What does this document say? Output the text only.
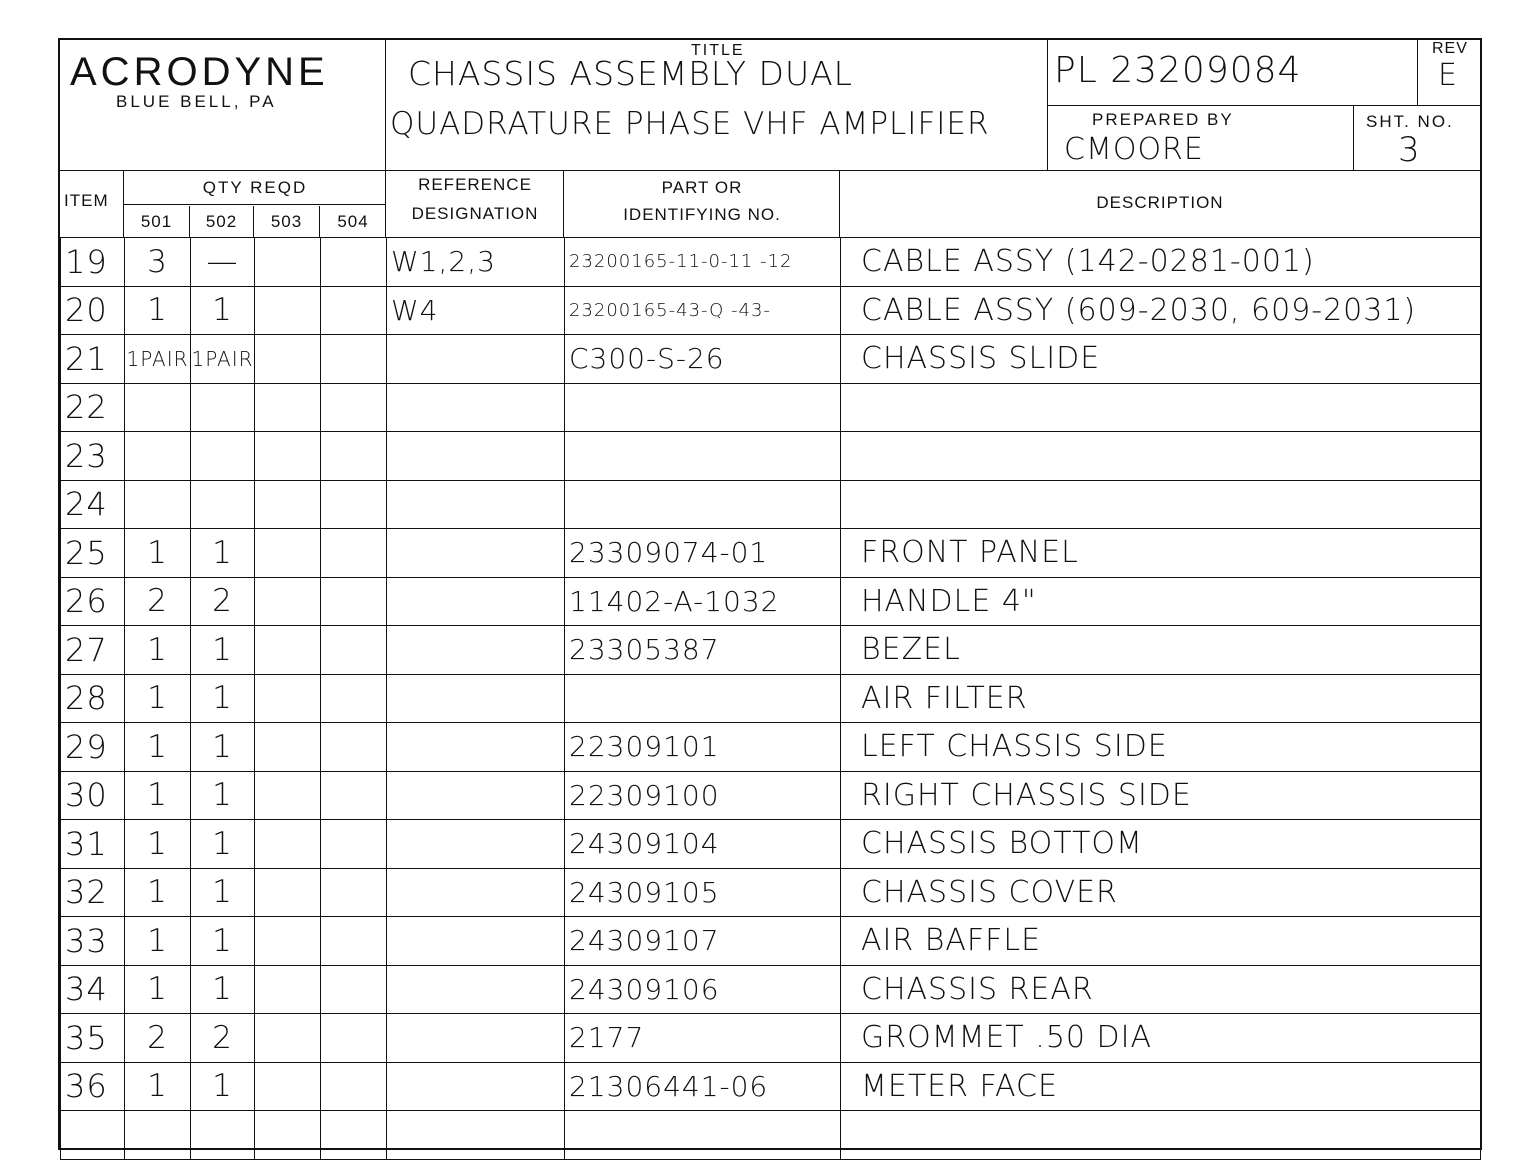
ACRODYNE
BLUE BELL, PA
TITLE
CHASSIS ASSEMBLY DUAL
QUADRATURE PHASE VHF AMPLIFIER
PL 23209084
REV
E
PREPARED BY
CMOORE
SHT. NO.
3
ITEM
QTY REQD
501	502	503	504
REFERENCE
DESIGNATION
PART OR
IDENTIFYING NO.
DESCRIPTION
19	3	—			W1,2,3	23200165-11-0-11 -12	CABLE ASSY (142-0281-001)
20	1	1			W4	23200165-43-Q -43-	CABLE ASSY (609-2030, 609-2031)
21	1PAIR	1PAIR				C300-S-26	CHASSIS SLIDE
22							
23							
24							
25	1	1				23309074-01	FRONT PANEL
26	2	2				11402-A-1032	HANDLE 4"
27	1	1				23305387	BEZEL
28	1	1					AIR FILTER
29	1	1				22309101	LEFT CHASSIS SIDE
30	1	1				22309100	RIGHT CHASSIS SIDE
31	1	1				24309104	CHASSIS BOTTOM
32	1	1				24309105	CHASSIS COVER
33	1	1				24309107	AIR BAFFLE
34	1	1				24309106	CHASSIS REAR
35	2	2				2177	GROMMET .50 DIA
36	1	1				21306441-06	METER FACE
